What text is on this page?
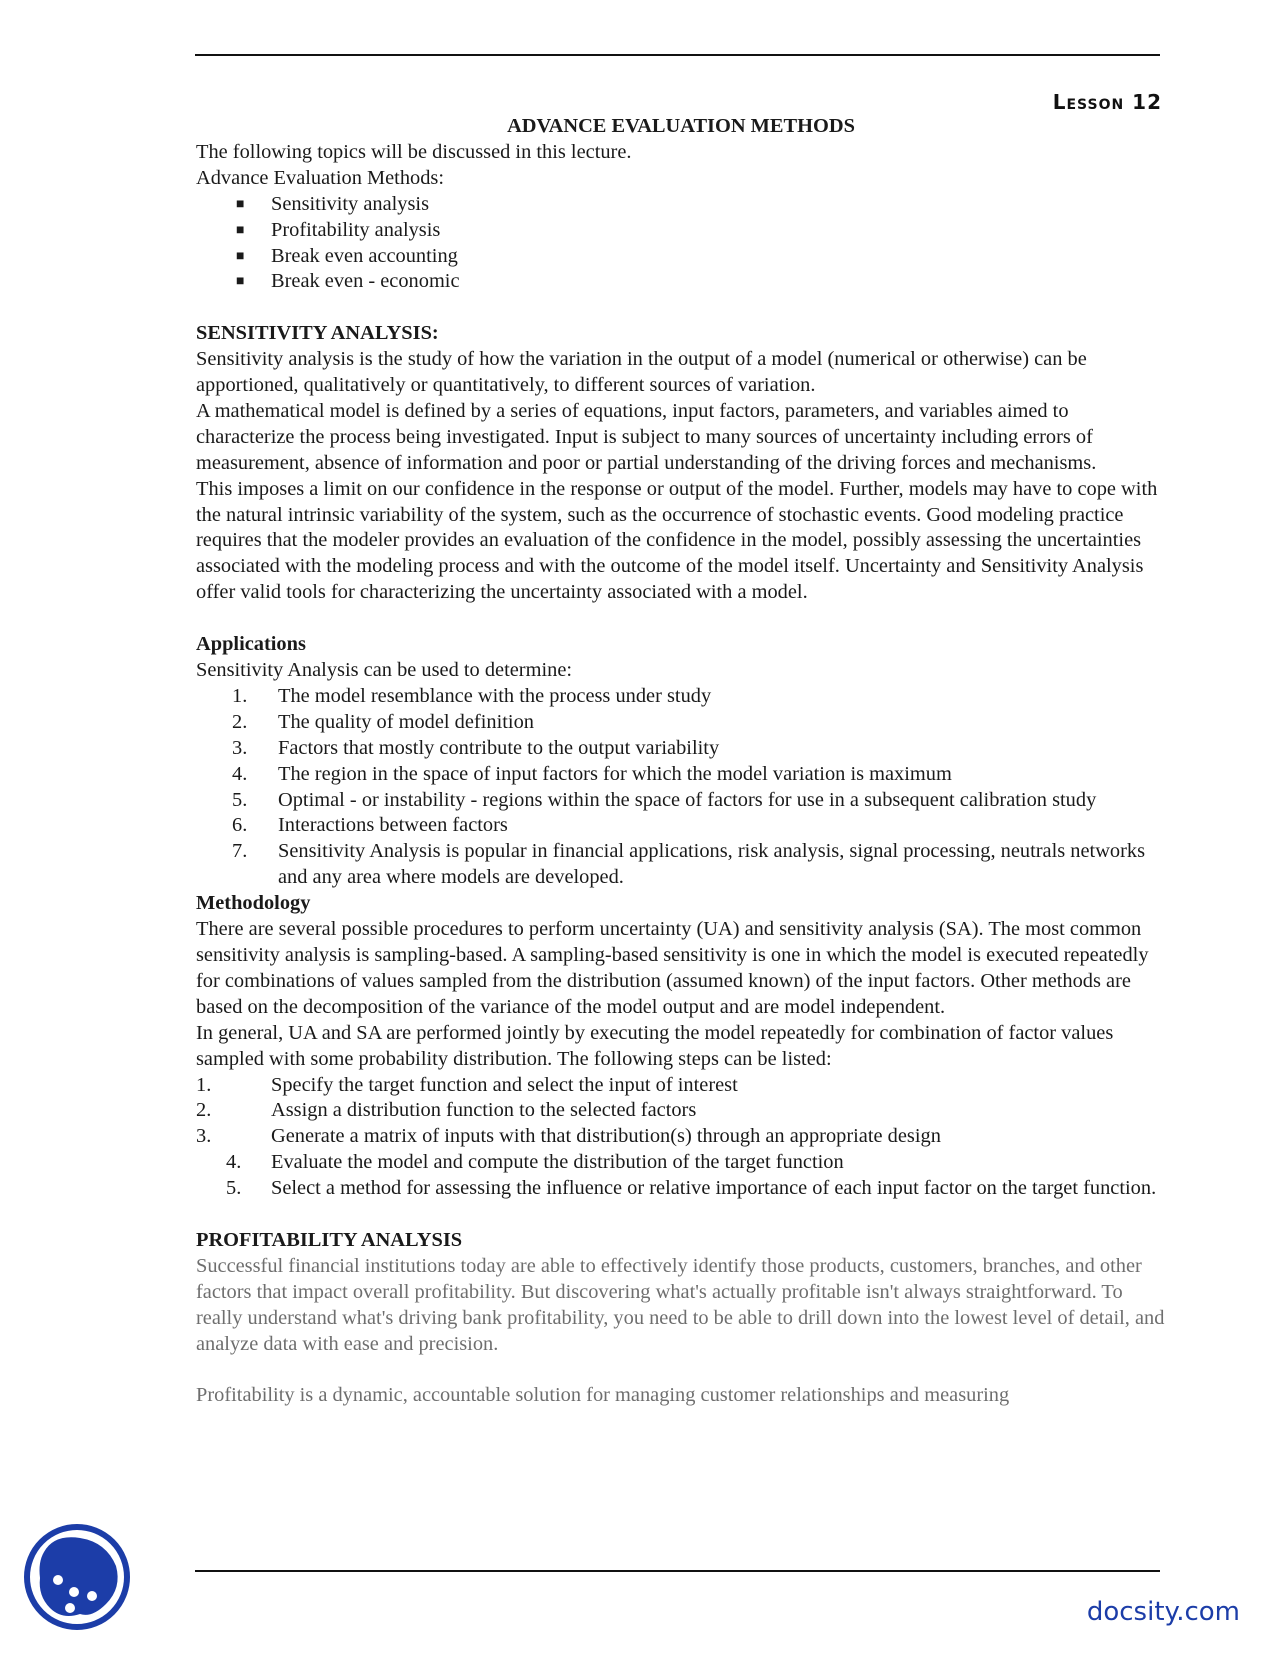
Lesson 12

ADVANCE EVALUATION METHODS

The following topics will be discussed in this lecture.

Advance Evaluation Methods:

■ Sensitivity analysis
■ Profitability analysis
■ Break even accounting
■ Break even - economic

SENSITIVITY ANALYSIS:

Sensitivity analysis is the study of how the variation in the output of a model (numerical or otherwise) can be apportioned, qualitatively or quantitatively, to different sources of variation.

A mathematical model is defined by a series of equations, input factors, parameters, and variables aimed to characterize the process being investigated. Input is subject to many sources of uncertainty including errors of measurement, absence of information and poor or partial understanding of the driving forces and mechanisms.

This imposes a limit on our confidence in the response or output of the model. Further, models may have to cope with the natural intrinsic variability of the system, such as the occurrence of stochastic events. Good modeling practice requires that the modeler provides an evaluation of the confidence in the model, possibly assessing the uncertainties associated with the modeling process and with the outcome of the model itself. Uncertainty and Sensitivity Analysis offer valid tools for characterizing the uncertainty associated with a model.

Applications

Sensitivity Analysis can be used to determine:

1. The model resemblance with the process under study
2. The quality of model definition
3. Factors that mostly contribute to the output variability
4. The region in the space of input factors for which the model variation is maximum
5. Optimal - or instability - regions within the space of factors for use in a subsequent calibration study
6. Interactions between factors
7. Sensitivity Analysis is popular in financial applications, risk analysis, signal processing, neutrals networks and any area where models are developed.

Methodology

There are several possible procedures to perform uncertainty (UA) and sensitivity analysis (SA). The most common sensitivity analysis is sampling-based. A sampling-based sensitivity is one in which the model is executed repeatedly for combinations of values sampled from the distribution (assumed known) of the input factors. Other methods are based on the decomposition of the variance of the model output and are model independent.

In general, UA and SA are performed jointly by executing the model repeatedly for combination of factor values sampled with some probability distribution. The following steps can be listed:

1.	Specify the target function and select the input of interest
2.	Assign a distribution function to the selected factors
3.	Generate a matrix of inputs with that distribution(s) through an appropriate design
4. Evaluate the model and compute the distribution of the target function
5. Select a method for assessing the influence or relative importance of each input factor on the target function.

PROFITABILITY ANALYSIS

Successful financial institutions today are able to effectively identify those products, customers, branches, and other factors that impact overall profitability. But discovering what's actually profitable isn't always straightforward. To really understand what's driving bank profitability, you need to be able to drill down into the lowest level of detail, and analyze data with ease and precision.

Profitability is a dynamic, accountable solution for managing customer relationships and measuring

docsity.com
